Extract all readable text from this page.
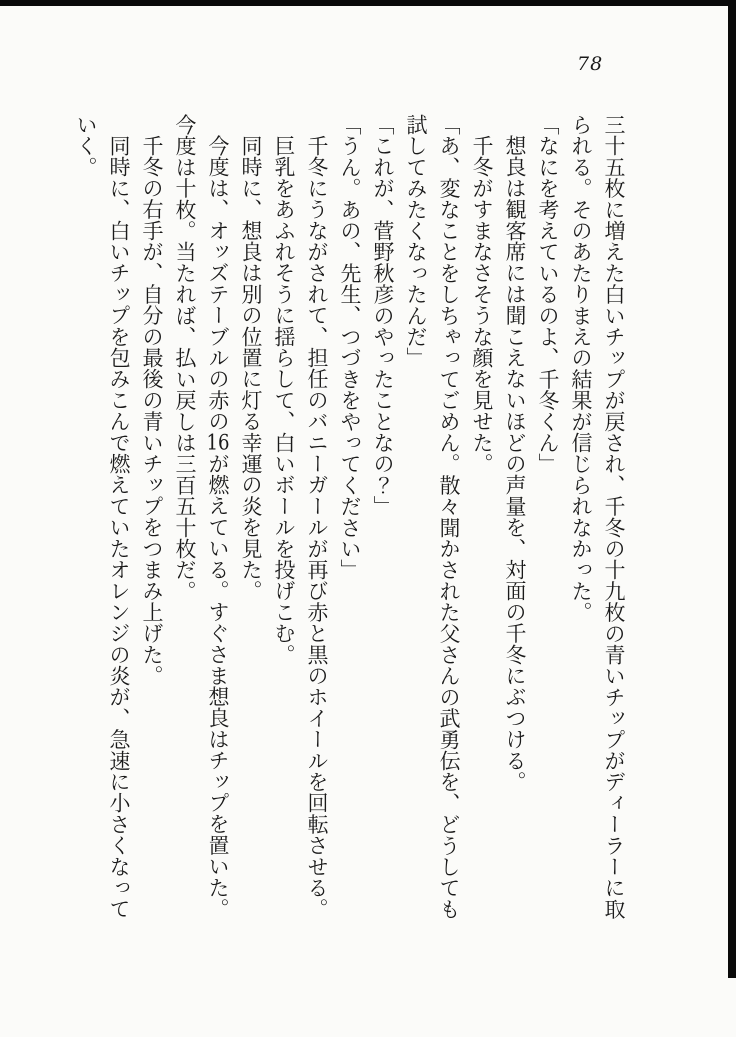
78

三十五枚に増えた白いチップが戻され、千冬の十九枚の青いチップがディーラーに取

られる。そのあたりまえの結果が信じられなかった。

「なにを考えているのよ、千冬くん」

想良は観客席には聞こえないほどの声量を、対面の千冬にぶつける。

千冬がすまなさそうな顔を見せた。

「あ、変なことをしちゃってごめん。散々聞かされた父さんの武勇伝を、どうしても

試してみたくなったんだ」

「これが、菅野秋彦のやったことなの？」

「うん。あの、先生、つづきをやってください」

千冬にうながされて、担任のバニーガールが再び赤と黒のホイールを回転させる。

巨乳をあふれそうに揺らして、白いボールを投げこむ。

同時に、想良は別の位置に灯る幸運の炎を見た。

今度は、オッズテーブルの赤の16が燃えている。すぐさま想良はチップを置いた。

今度は十枚。当たれば、払い戻しは三百五十枚だ。

千冬の右手が、自分の最後の青いチップをつまみ上げた。

同時に、白いチップを包みこんで燃えていたオレンジの炎が、急速に小さくなって

いく。
